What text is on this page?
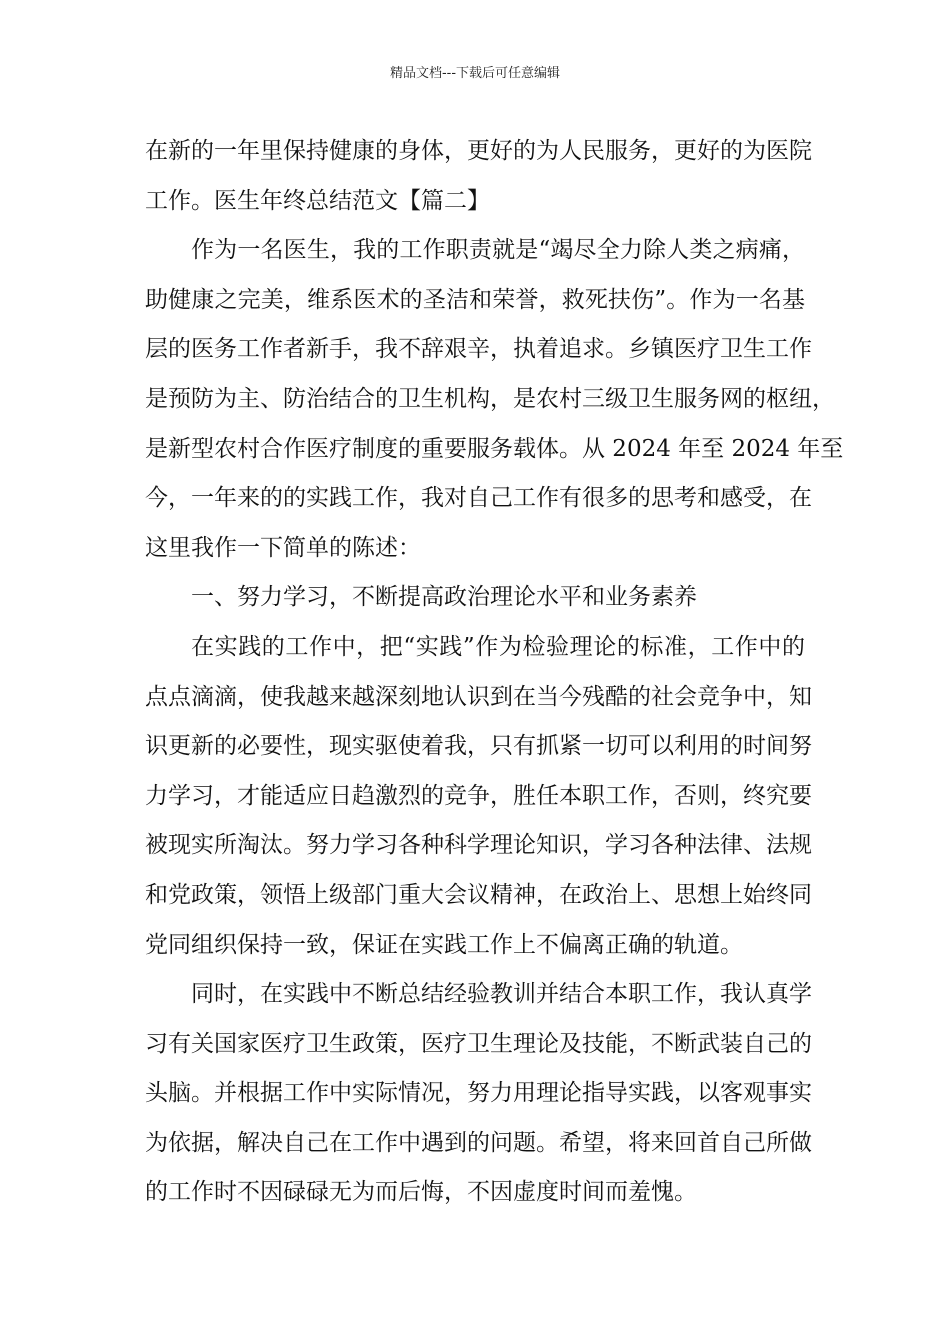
精品文档---下载后可任意编辑
在新的一年里保持健康的身体，更好的为人民服务，更好的为医院
工作。医生年终总结范文【篇二】
作为一名医生，我的工作职责就是“竭尽全力除人类之病痛，
助健康之完美，维系医术的圣洁和荣誉，救死扶伤”。作为一名基
层的医务工作者新手，我不辞艰辛，执着追求。乡镇医疗卫生工作
是预防为主、防治结合的卫生机构，是农村三级卫生服务网的枢纽，
是新型农村合作医疗制度的重要服务载体。从 2024 年至 2024 年至
今，一年来的的实践工作，我对自己工作有很多的思考和感受，在
这里我作一下简单的陈述：
一、努力学习，不断提高政治理论水平和业务素养
在实践的工作中，把“实践”作为检验理论的标准，工作中的
点点滴滴，使我越来越深刻地认识到在当今残酷的社会竞争中，知
识更新的必要性，现实驱使着我，只有抓紧一切可以利用的时间努
力学习，才能适应日趋激烈的竞争，胜任本职工作，否则，终究要
被现实所淘汰。努力学习各种科学理论知识，学习各种法律、法规
和党政策，领悟上级部门重大会议精神，在政治上、思想上始终同
党同组织保持一致，保证在实践工作上不偏离正确的轨道。
同时，在实践中不断总结经验教训并结合本职工作，我认真学
习有关国家医疗卫生政策，医疗卫生理论及技能，不断武装自己的
头脑。并根据工作中实际情况，努力用理论指导实践，以客观事实
为依据，解决自己在工作中遇到的问题。希望，将来回首自己所做
的工作时不因碌碌无为而后悔，不因虚度时间而羞愧。
